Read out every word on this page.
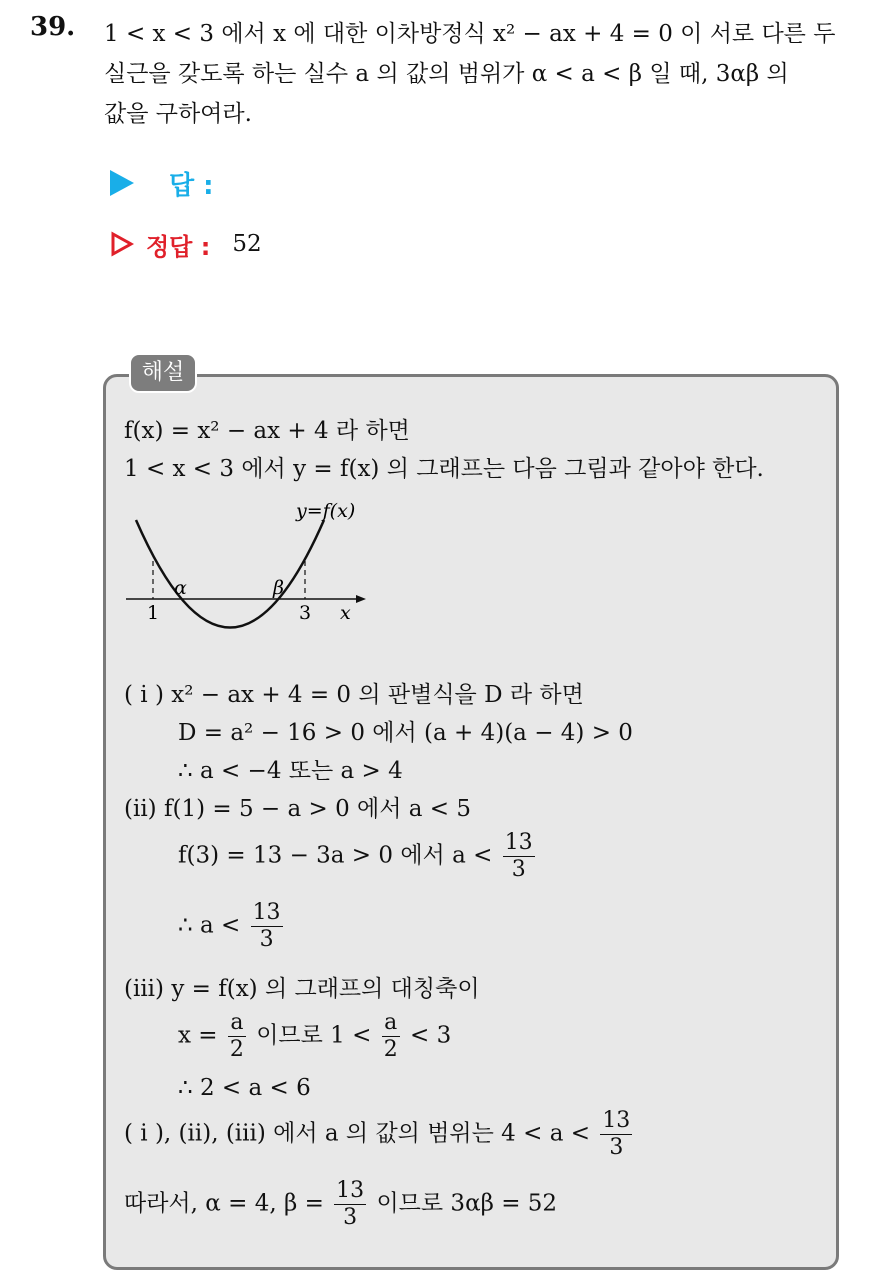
39. 1 < x < 3 에서 x 에 대한 이차방정식 x² − ax + 4 = 0 이 서로 다른 두
실근을 갖도록 하는 실수 a 의 값의 범위가 α < a < β 일 때, 3αβ 의
값을 구하여라.
답 :
정답 : 52
해설
f(x) = x² − ax + 4 라 하면
1 < x < 3 에서 y = f(x) 의 그래프는 다음 그림과 같아야 한다.
y=f(x)
α	β
1	3 x
( i ) x² − ax + 4 = 0 의 판별식을 D 라 하면
D = a² − 16 > 0 에서 (a + 4)(a − 4) > 0
∴ a < −4 또는 a > 4
(ii) f(1) = 5 − a > 0 에서 a < 5
f(3) = 13 − 3a > 0 에서 $a < \frac{13}{3}$
∴ $a < \frac{13}{3}$
(iii) y = f(x) 의 그래프의 대칭축이
$x = \frac{a}{2}$ 이므로 $1 < \frac{a}{2} < 3$
∴ 2 < a < 6
( i ), (ii), (iii) 에서 a 의 값의 범위는 $4 < a < \frac{13}{3}$
따라서, α = 4, $\beta = \frac{13}{3}$ 이므로 3αβ = 52
